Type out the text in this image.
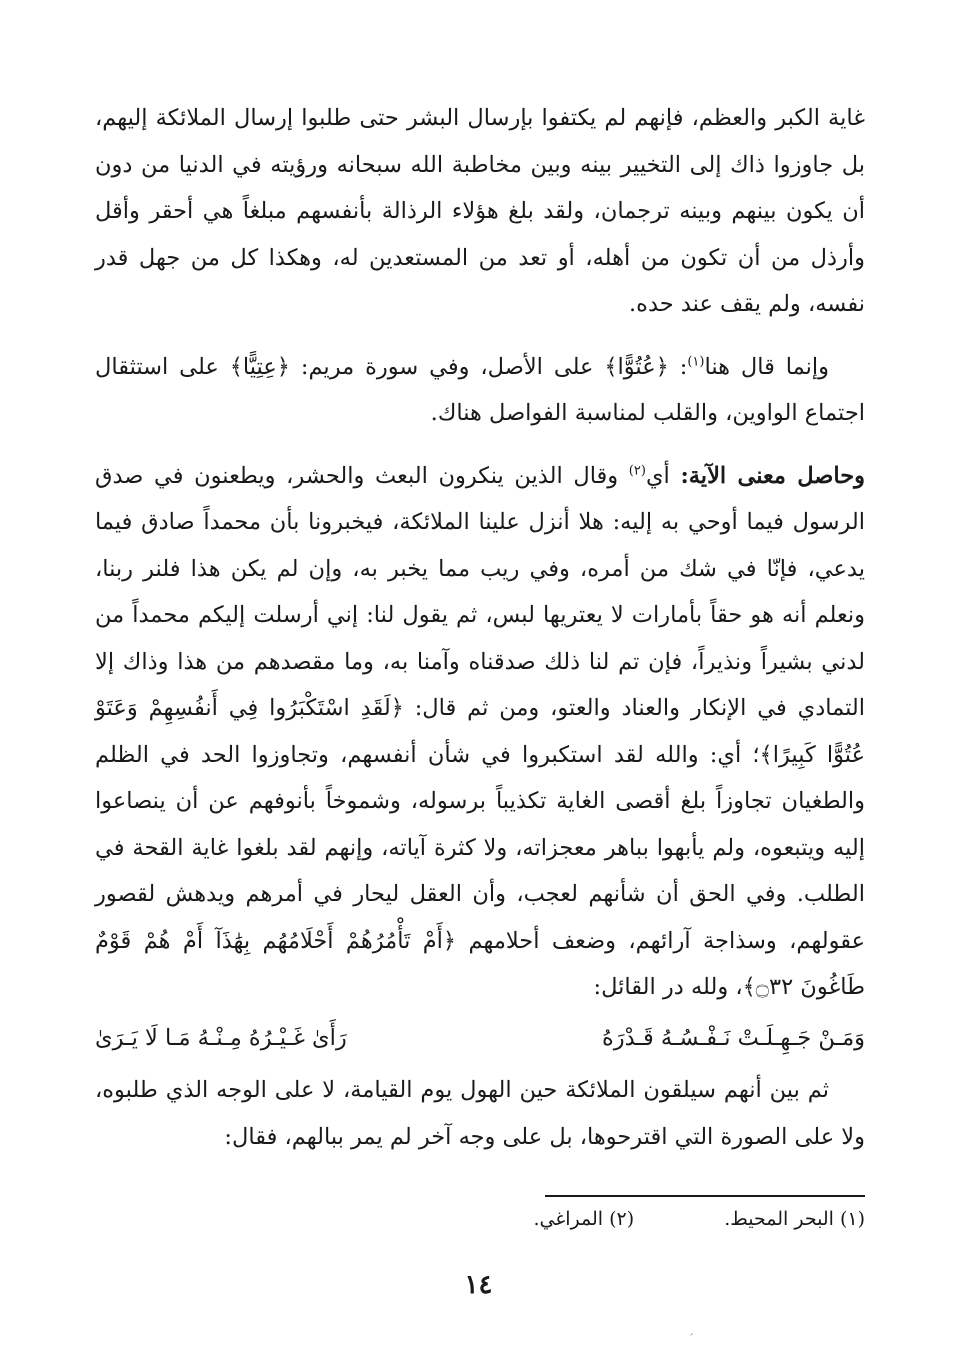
غاية الكبر والعظم، فإنهم لم يكتفوا بإرسال البشر حتى طلبوا إرسال الملائكة إليهم، بل جاوزوا ذاك إلى التخيير بينه وبين مخاطبة الله سبحانه ورؤيته في الدنيا من دون أن يكون بينهم وبينه ترجمان، ولقد بلغ هؤلاء الرذالة بأنفسهم مبلغاً هي أحقر وأقل وأرذل من أن تكون من أهله، أو تعد من المستعدين له، وهكذا كل من جهل قدر نفسه، ولم يقف عند حده.

وإنما قال هنا$^{(١)}$: ﴿عُتُوًّا﴾ على الأصل، وفي سورة مريم: ﴿عِتِيًّا﴾ على استثقال اجتماع الواوين، والقلب لمناسبة الفواصل هناك.

وحاصل معنى الآية: أي$^{(٢)}$ وقال الذين ينكرون البعث والحشر، ويطعنون في صدق الرسول فيما أوحي به إليه: هلا أنزل علينا الملائكة، فيخبرونا بأن محمداً صادق فيما يدعي، فإنّا في شك من أمره، وفي ريب مما يخبر به، وإن لم يكن هذا فلنر ربنا، ونعلم أنه هو حقاً بأمارات لا يعتريها لبس، ثم يقول لنا: إني أرسلت إليكم محمداً من لدني بشيراً ونذيراً، فإن تم لنا ذلك صدقناه وآمنا به، وما مقصدهم من هذا وذاك إلا التمادي في الإنكار والعناد والعتو، ومن ثم قال: ﴿لَقَدِ اسْتَكْبَرُوا فِي أَنفُسِهِمْ وَعَتَوْ عُتُوًّا كَبِيرًا﴾؛ أي: والله لقد استكبروا في شأن أنفسهم، وتجاوزوا الحد في الظلم والطغيان تجاوزاً بلغ أقصى الغاية تكذيباً برسوله، وشموخاً بأنوفهم عن أن ينصاعوا إليه ويتبعوه، ولم يأبهوا بباهر معجزاته، ولا كثرة آياته، وإنهم لقد بلغوا غاية القحة في الطلب. وفي الحق أن شأنهم لعجب، وأن العقل ليحار في أمرهم ويدهش لقصور عقولهم، وسذاجة آرائهم، وضعف أحلامهم ﴿أَمْ تَأْمُرُهُمْ أَحْلَامُهُم بِهَٰذَآ أَمْ هُمْ قَوْمٌ طَاغُونَ ۝٣٢﴾، ولله در القائل:

وَمَـنْ جَـهِـلَـتْ نَـفْـسُـهُ قَـدْرَهُ
رَأَىٰ غَـيْـرُهُ مِـنْـهُ مَـا لَا يَـرَىٰ

ثم بين أنهم سيلقون الملائكة حين الهول يوم القيامة، لا على الوجه الذي طلبوه، ولا على الصورة التي اقترحوها، بل على وجه آخر لم يمر ببالهم، فقال:

(١) البحر المحيط.
(٢) المراغي.
١٤
ˊ
